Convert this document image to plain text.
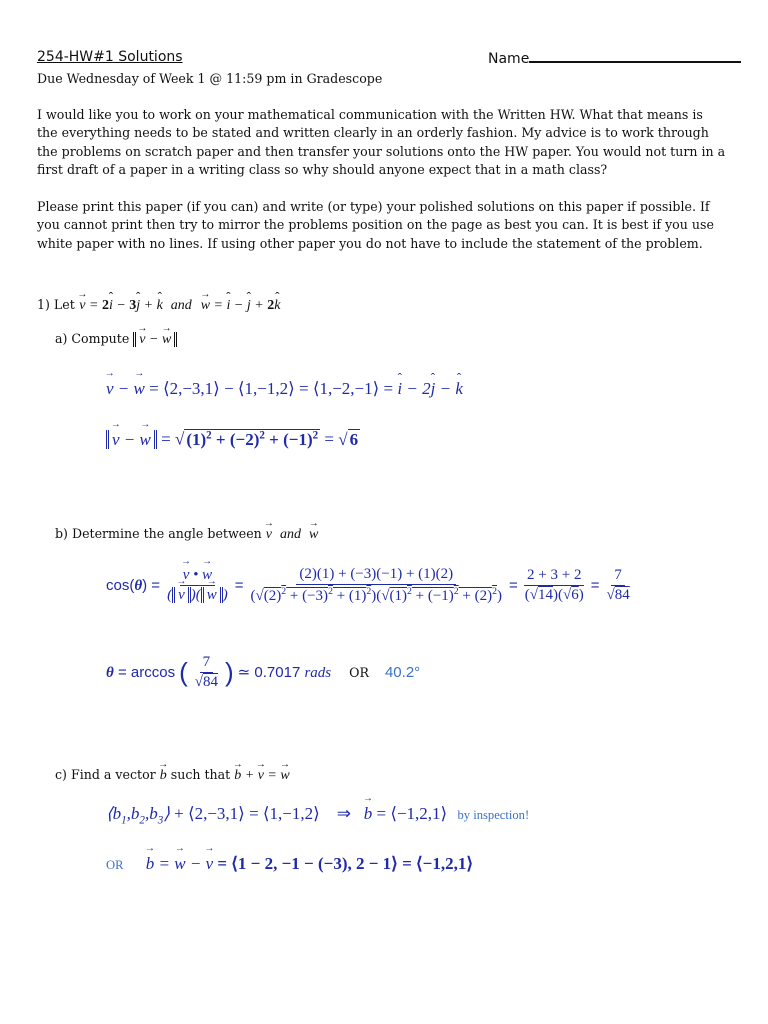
254-HW#1 Solutions	Name
Due Wednesday of Week 1 @ 11:59 pm in Gradescope
I would like you to work on your mathematical communication with the Written HW. What that means is
the everything needs to be stated and written clearly in an orderly fashion. My advice is to work through
the problems on scratch paper and then transfer your solutions onto the HW paper. You would not turn in a
first draft of a paper in a writing class so why should anyone expect that in a math class?
Please print this paper (if you can) and write (or type) your polished solutions on this paper if possible. If
you cannot print then try to mirror the problems position on the page as best you can. It is best if you use
white paper with no lines. If using other paper you do not have to include the statement of the problem.
1) Let → v = 2ˆ i − 3ˆ j + ˆ k and → w = ˆ i − ˆ j + 2ˆ k
a) Compute → v − → w
→ v − → w = ⟨2,−3,1⟩ − ⟨1,−1,2⟩ = ⟨1,−2,−1⟩ = ˆ i − 2ˆ j − ˆ k
→ v − → w = √ $(1)^2 + (-2)^2 + (-1)^2$ = √ 6
b) Determine the angle between → v and → w
cos(θ) = → $\frac{v • \to w}{( \to v )( \to w )} = \frac{(2)(1) + (-3)(-1) + (1)(2)}{(√(2)^2 + (-3)^2 + (1)^2)(√(1)^2 + (-1)^2 + (2)^2)} = \frac{2 + 3 + 2}{(√14)(√6)} = \frac{7}{√84}$
θ = arccos ( $\frac{7}{√84}$ ) ≃ 0.7017 rads OR 40.2°
c) Find a vector → b such that → b + → v = → w
$⟨b_1,b_2,b_3⟩$ + ⟨2,−3,1⟩ = ⟨1,−1,2⟩    ⇒   → b = ⟨−1,2,1⟩ by inspection!
OR → b = → w − → v = ⟨1 − 2, −1 − (−3), 2 − 1⟩ = ⟨−1,2,1⟩
